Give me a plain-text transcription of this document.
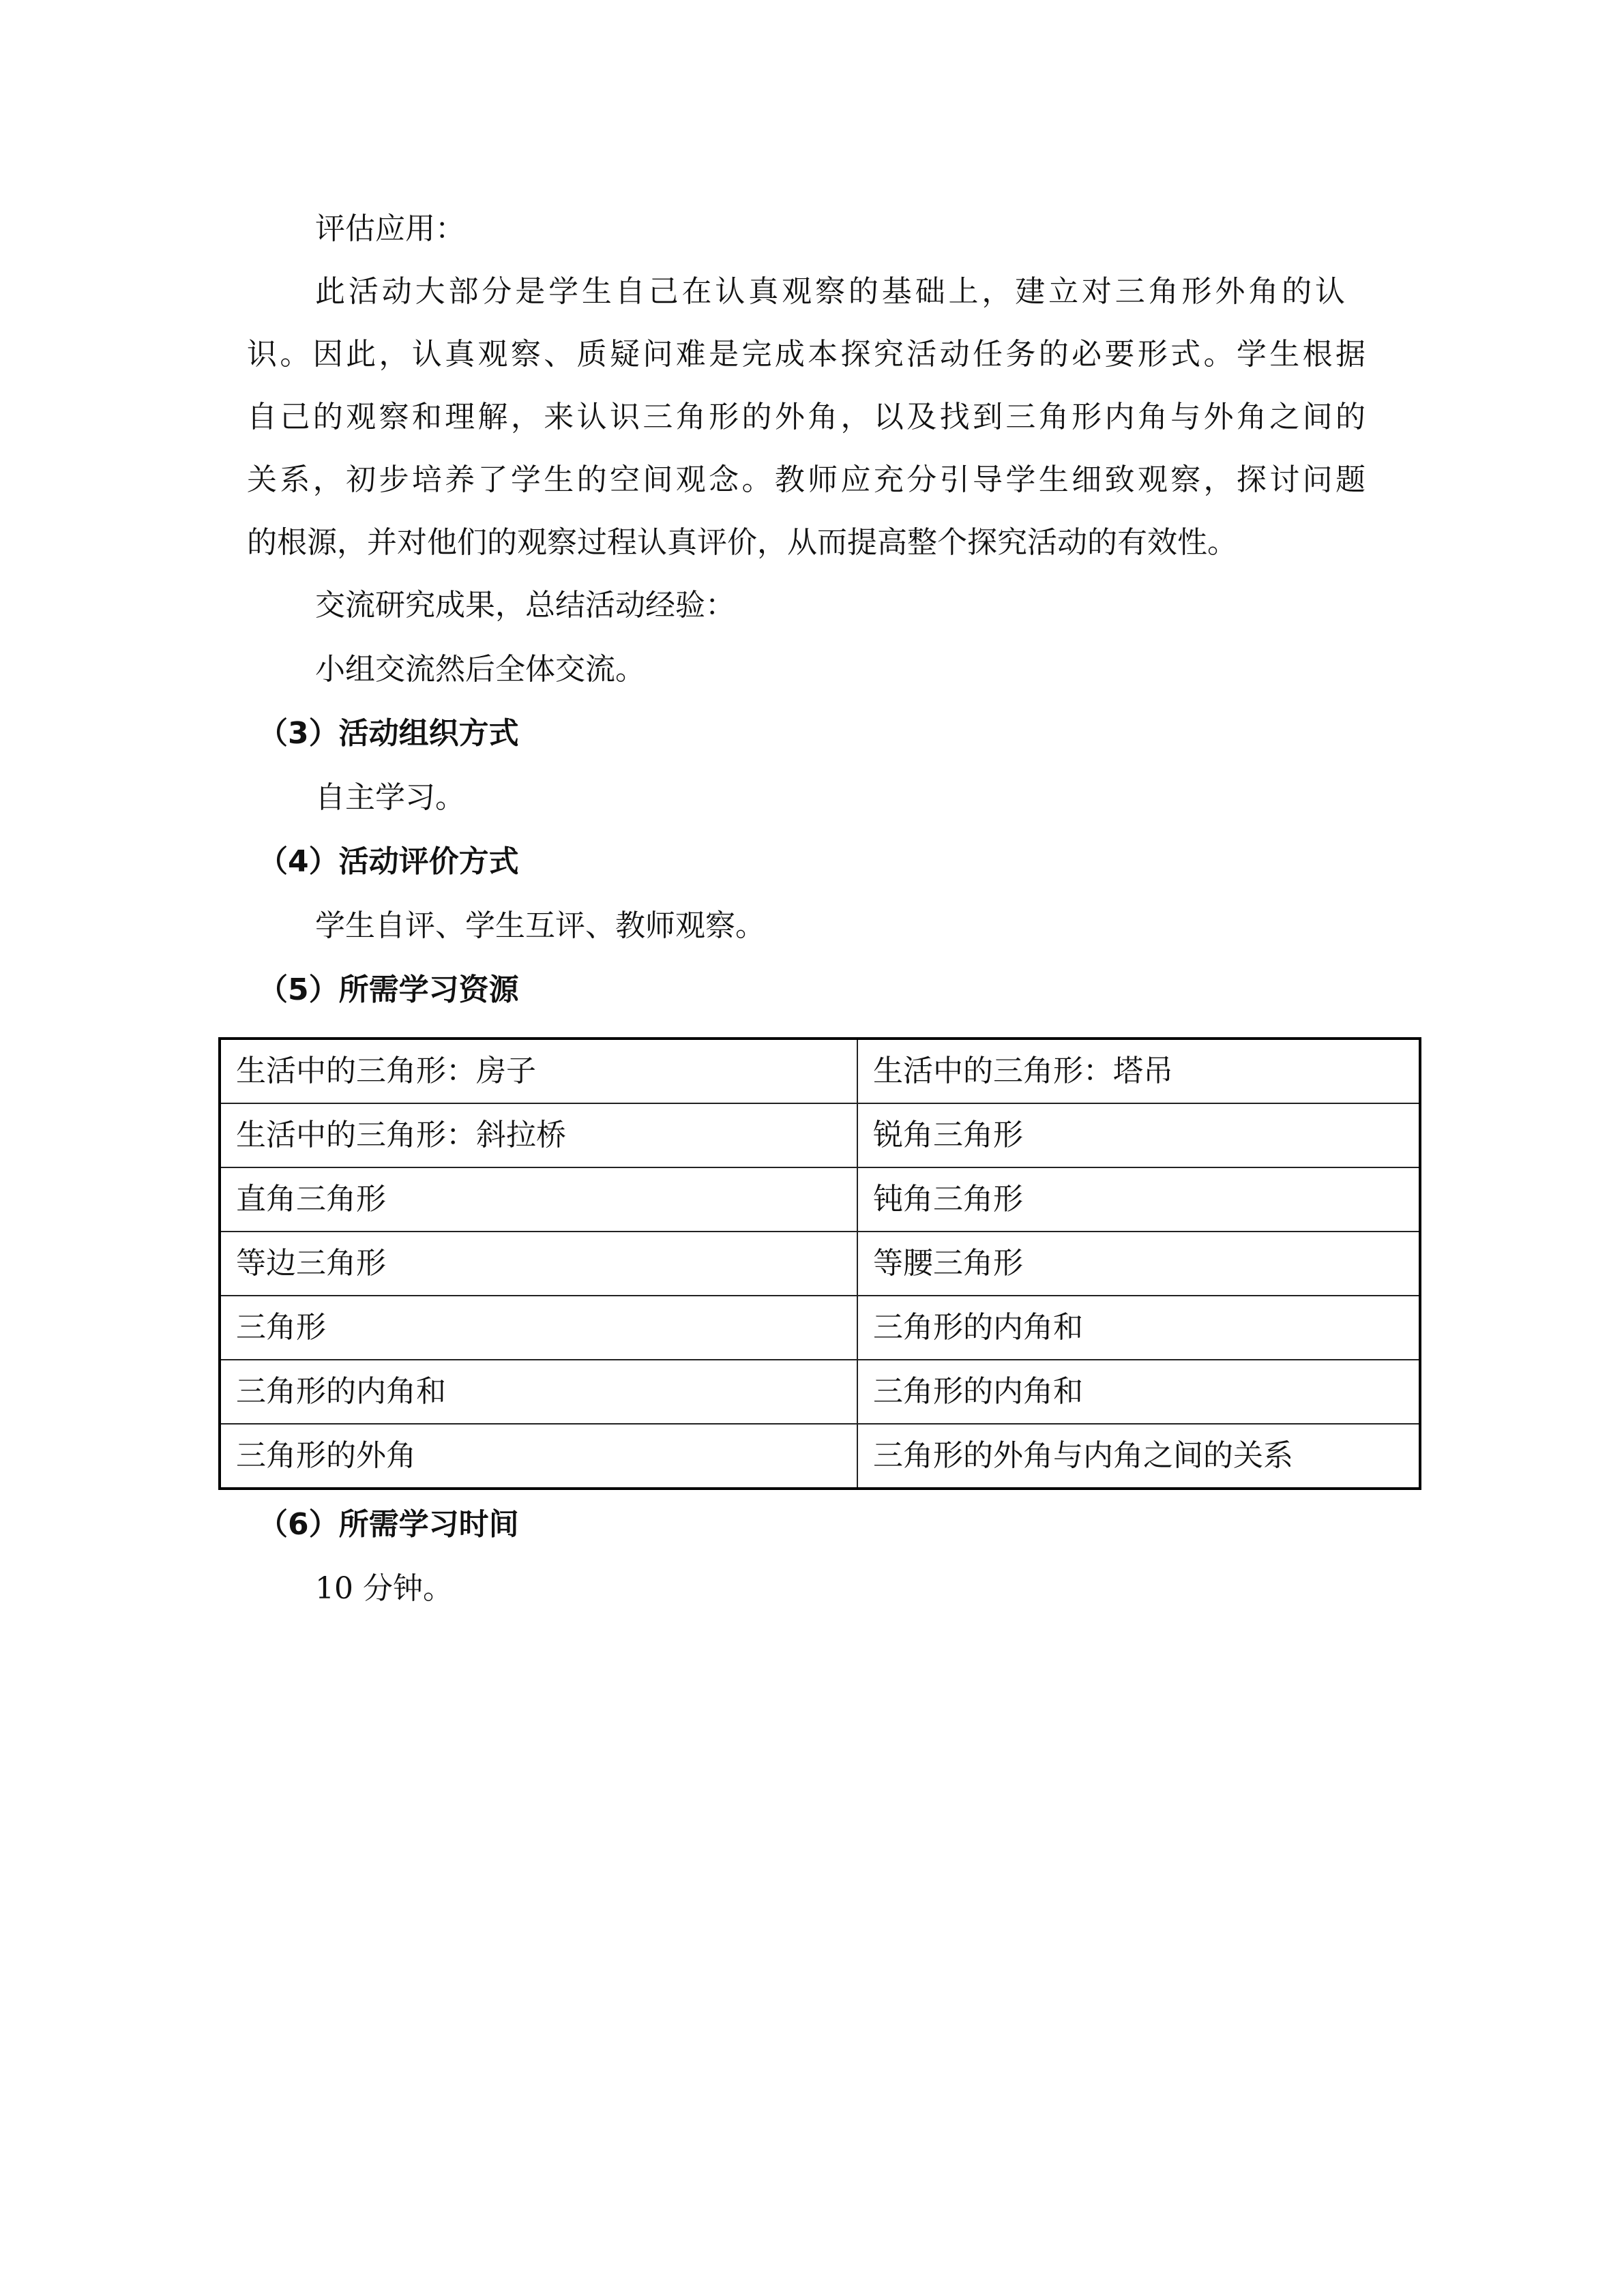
评估应用：
此活动大部分是学生自己在认真观察的基础上，建立对三角形外角的认
识。因此，认真观察、质疑问难是完成本探究活动任务的必要形式。学生根据
自己的观察和理解，来认识三角形的外角，以及找到三角形内角与外角之间的
关系，初步培养了学生的空间观念。教师应充分引导学生细致观察，探讨问题
的根源，并对他们的观察过程认真评价，从而提高整个探究活动的有效性。
交流研究成果，总结活动经验：
小组交流然后全体交流。
（3）活动组织方式
自主学习。
（4）活动评价方式
学生自评、学生互评、教师观察。
（5）所需学习资源
生活中的三角形：房子	生活中的三角形：塔吊
生活中的三角形：斜拉桥	锐角三角形
直角三角形	钝角三角形
等边三角形	等腰三角形
三角形	三角形的内角和
三角形的内角和	三角形的内角和
三角形的外角	三角形的外角与内角之间的关系
（6）所需学习时间
10 分钟。
